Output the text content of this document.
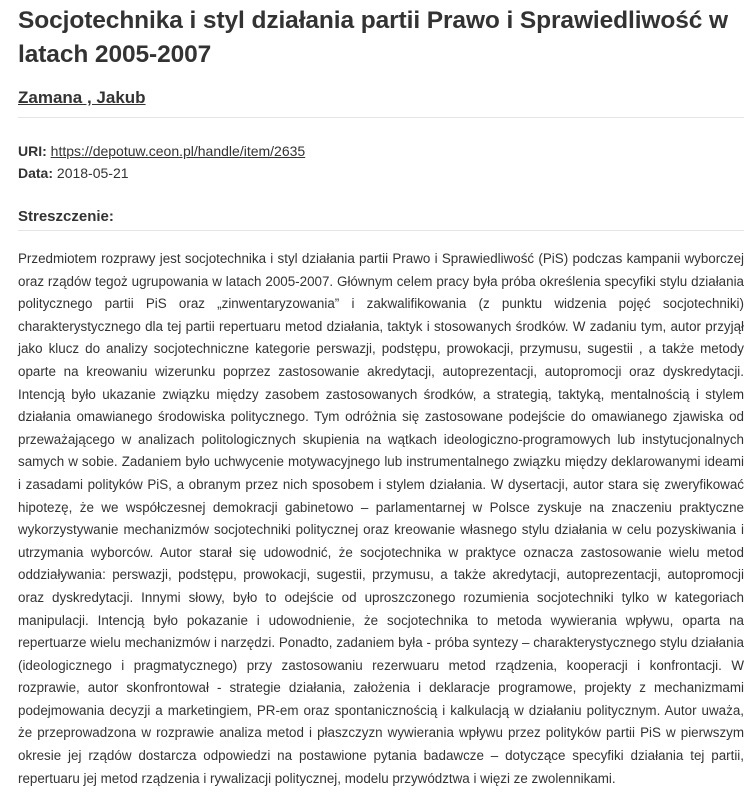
Socjotechnika i styl działania partii Prawo i Sprawiedliwość w latach 2005-2007
Zamana , Jakub
URI: https://depotuw.ceon.pl/handle/item/2635
Data: 2018-05-21
Streszczenie:
Przedmiotem rozprawy jest socjotechnika i styl działania partii Prawo i Sprawiedliwość (PiS) podczas kampanii wyborczej oraz rządów tegoż ugrupowania w latach 2005-2007. Głównym celem pracy była próba określenia specyfiki stylu działania politycznego partii PiS oraz „zinwentaryzowania” i zakwalifikowania (z punktu widzenia pojęć socjotechniki) charakterystycznego dla tej partii repertuaru metod działania, taktyk i stosowanych środków. W zadaniu tym, autor przyjął jako klucz do analizy socjotechniczne kategorie perswazji, podstępu, prowokacji, przymusu, sugestii , a także metody oparte na kreowaniu wizerunku poprzez zastosowanie akredytacji, autoprezentacji, autopromocji oraz dyskredytacji. Intencją było ukazanie związku między zasobem zastosowanych środków, a strategią, taktyką, mentalnością i stylem działania omawianego środowiska politycznego. Tym odróżnia się zastosowane podejście do omawianego zjawiska od przeważającego w analizach politologicznych skupienia na wątkach ideologiczno-programowych lub instytucjonalnych samych w sobie. Zadaniem było uchwycenie motywacyjnego lub instrumentalnego związku między deklarowanymi ideami i zasadami polityków PiS, a obranym przez nich sposobem i stylem działania. W dysertacji, autor stara się zweryfikować hipotezę, że we współczesnej demokracji gabinetowo – parlamentarnej w Polsce zyskuje na znaczeniu praktyczne wykorzystywanie mechanizmów socjotechniki politycznej oraz kreowanie własnego stylu działania w celu pozyskiwania i utrzymania wyborców. Autor starał się udowodnić, że socjotechnika w praktyce oznacza zastosowanie wielu metod oddziaływania: perswazji, podstępu, prowokacji, sugestii, przymusu, a także akredytacji, autoprezentacji, autopromocji oraz dyskredytacji. Innymi słowy, było to odejście od uproszczonego rozumienia socjotechniki tylko w kategoriach manipulacji. Intencją było pokazanie i udowodnienie, że socjotechnika to metoda wywierania wpływu, oparta na repertuarze wielu mechanizmów i narzędzi. Ponadto, zadaniem była - próba syntezy – charakterystycznego stylu działania (ideologicznego i pragmatycznego) przy zastosowaniu rezerwuaru metod rządzenia, kooperacji i konfrontacji. W rozprawie, autor skonfrontował - strategie działania, założenia i deklaracje programowe, projekty z mechanizmami podejmowania decyzji a marketingiem, PR-em oraz spontanicznością i kalkulacją w działaniu politycznym. Autor uważa, że przeprowadzona w rozprawie analiza metod i płaszczyzn wywierania wpływu przez polityków partii PiS w pierwszym okresie jej rządów dostarcza odpowiedzi na postawione pytania badawcze – dotyczące specyfiki działania tej partii, repertuaru jej metod rządzenia i rywalizacji politycznej, modelu przywództwa i więzi ze zwolennikami.
